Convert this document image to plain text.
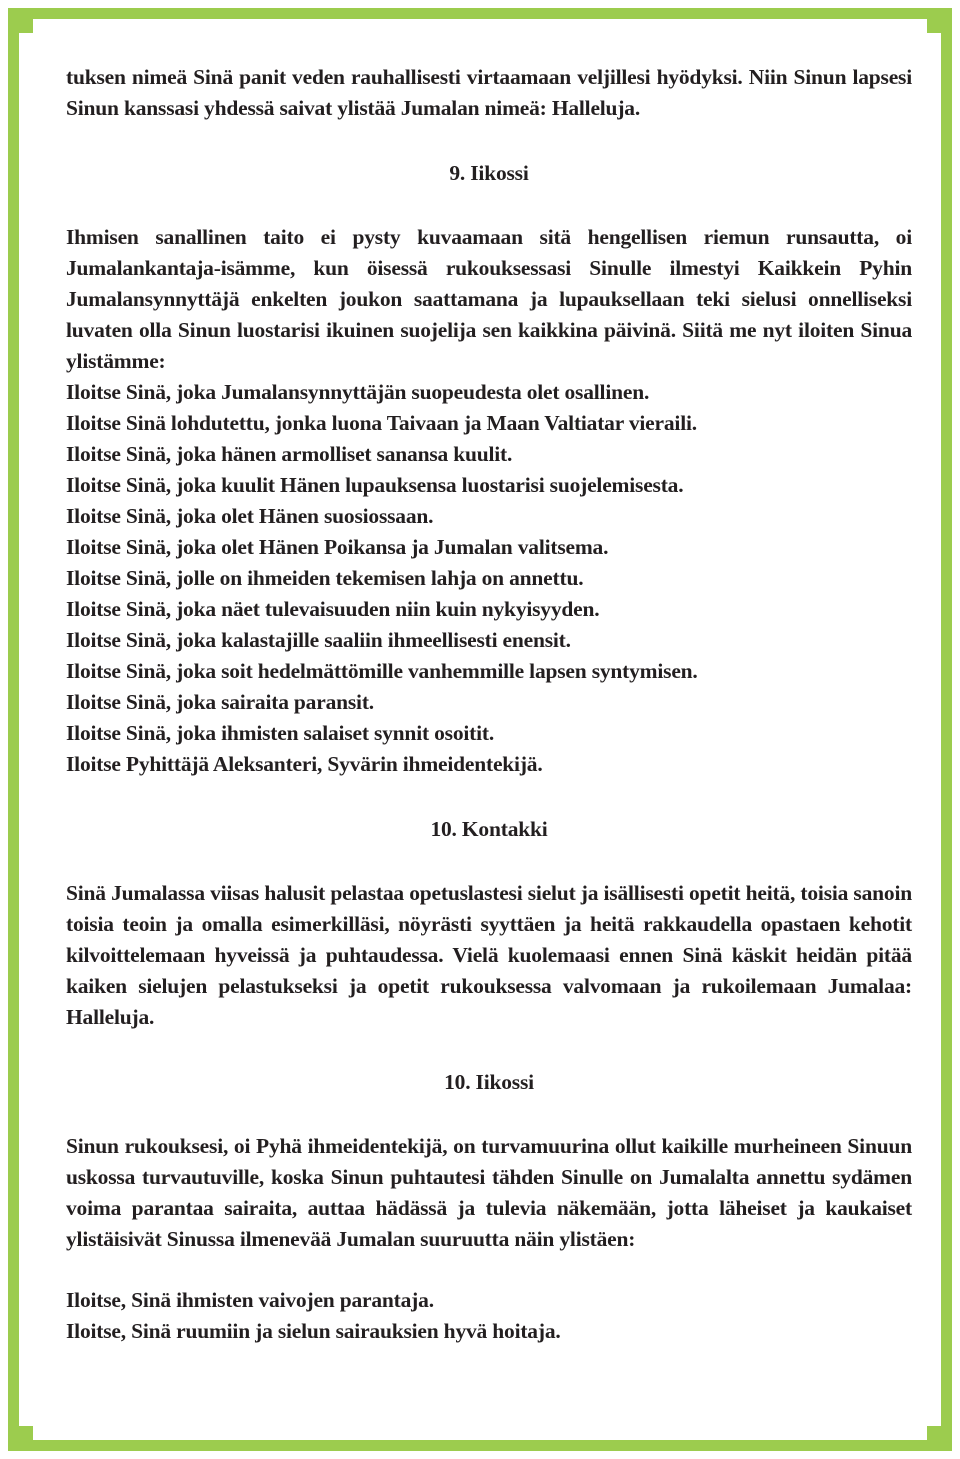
tuksen nimeä Sinä panit veden rauhallisesti virtaamaan veljillesi hyödyksi. Niin Sinun lapsesi Sinun kanssasi yhdessä saivat ylistää Jumalan nimeä: Halleluja.

9. Iikossi

Ihmisen sanallinen taito ei pysty kuvaamaan sitä hengellisen riemun runsautta, oi Jumalankantaja-isämme, kun öisessä rukouksessasi Sinulle ilmestyi Kaikkein Pyhin Jumalansynnyttäjä enkelten joukon saattamana ja lupauksellaan teki sielusi onnelliseksi luvaten olla Sinun luostarisi ikuinen suojelija sen kaikkina päivinä. Siitä me nyt iloiten Sinua ylistämme:

Iloitse Sinä, joka Jumalansynnyttäjän suopeudesta olet osallinen.
Iloitse Sinä lohdutettu, jonka luona Taivaan ja Maan Valtiatar vieraili.
Iloitse Sinä, joka hänen armolliset sanansa kuulit.
Iloitse Sinä, joka kuulit Hänen lupauksensa luostarisi suojelemisesta.
Iloitse Sinä, joka olet Hänen suosiossaan.
Iloitse Sinä, joka olet Hänen Poikansa ja Jumalan valitsema.
Iloitse Sinä, jolle on ihmeiden tekemisen lahja on annettu.
Iloitse Sinä, joka näet tulevaisuuden niin kuin nykyisyyden.
Iloitse Sinä, joka kalastajille saaliin ihmeellisesti enensit.
Iloitse Sinä, joka soit hedelmättömille vanhemmille lapsen syntymisen.
Iloitse Sinä, joka sairaita paransit.
Iloitse Sinä, joka ihmisten salaiset synnit osoitit.
Iloitse Pyhittäjä Aleksanteri, Syvärin ihmeidentekijä.

10. Kontakki

Sinä Jumalassa viisas halusit pelastaa opetuslastesi sielut ja isällisesti opetit heitä, toisia sanoin toisia teoin ja omalla esimerkilläsi, nöyrästi syyttäen ja heitä rakkaudella opastaen kehotit kilvoittelemaan hyveissä ja puhtaudessa. Vielä kuolemaasi ennen Sinä käskit heidän pitää kaiken sielujen pelastukseksi ja opetit rukouksessa valvomaan ja rukoilemaan Jumalaa: Halleluja.

10. Iikossi

Sinun rukouksesi, oi Pyhä ihmeidentekijä, on turvamuurina ollut kaikille murheineen Sinuun uskossa turvautuville, koska Sinun puhtautesi tähden Sinulle on Jumalalta annettu sydämen voima parantaa sairaita, auttaa hädässä ja tulevia näkemään, jotta läheiset ja kaukaiset ylistäisivät Sinussa ilmenevää Jumalan suuruutta näin ylistäen:

Iloitse, Sinä ihmisten vaivojen parantaja.
Iloitse, Sinä ruumiin ja sielun sairauksien hyvä hoitaja.
